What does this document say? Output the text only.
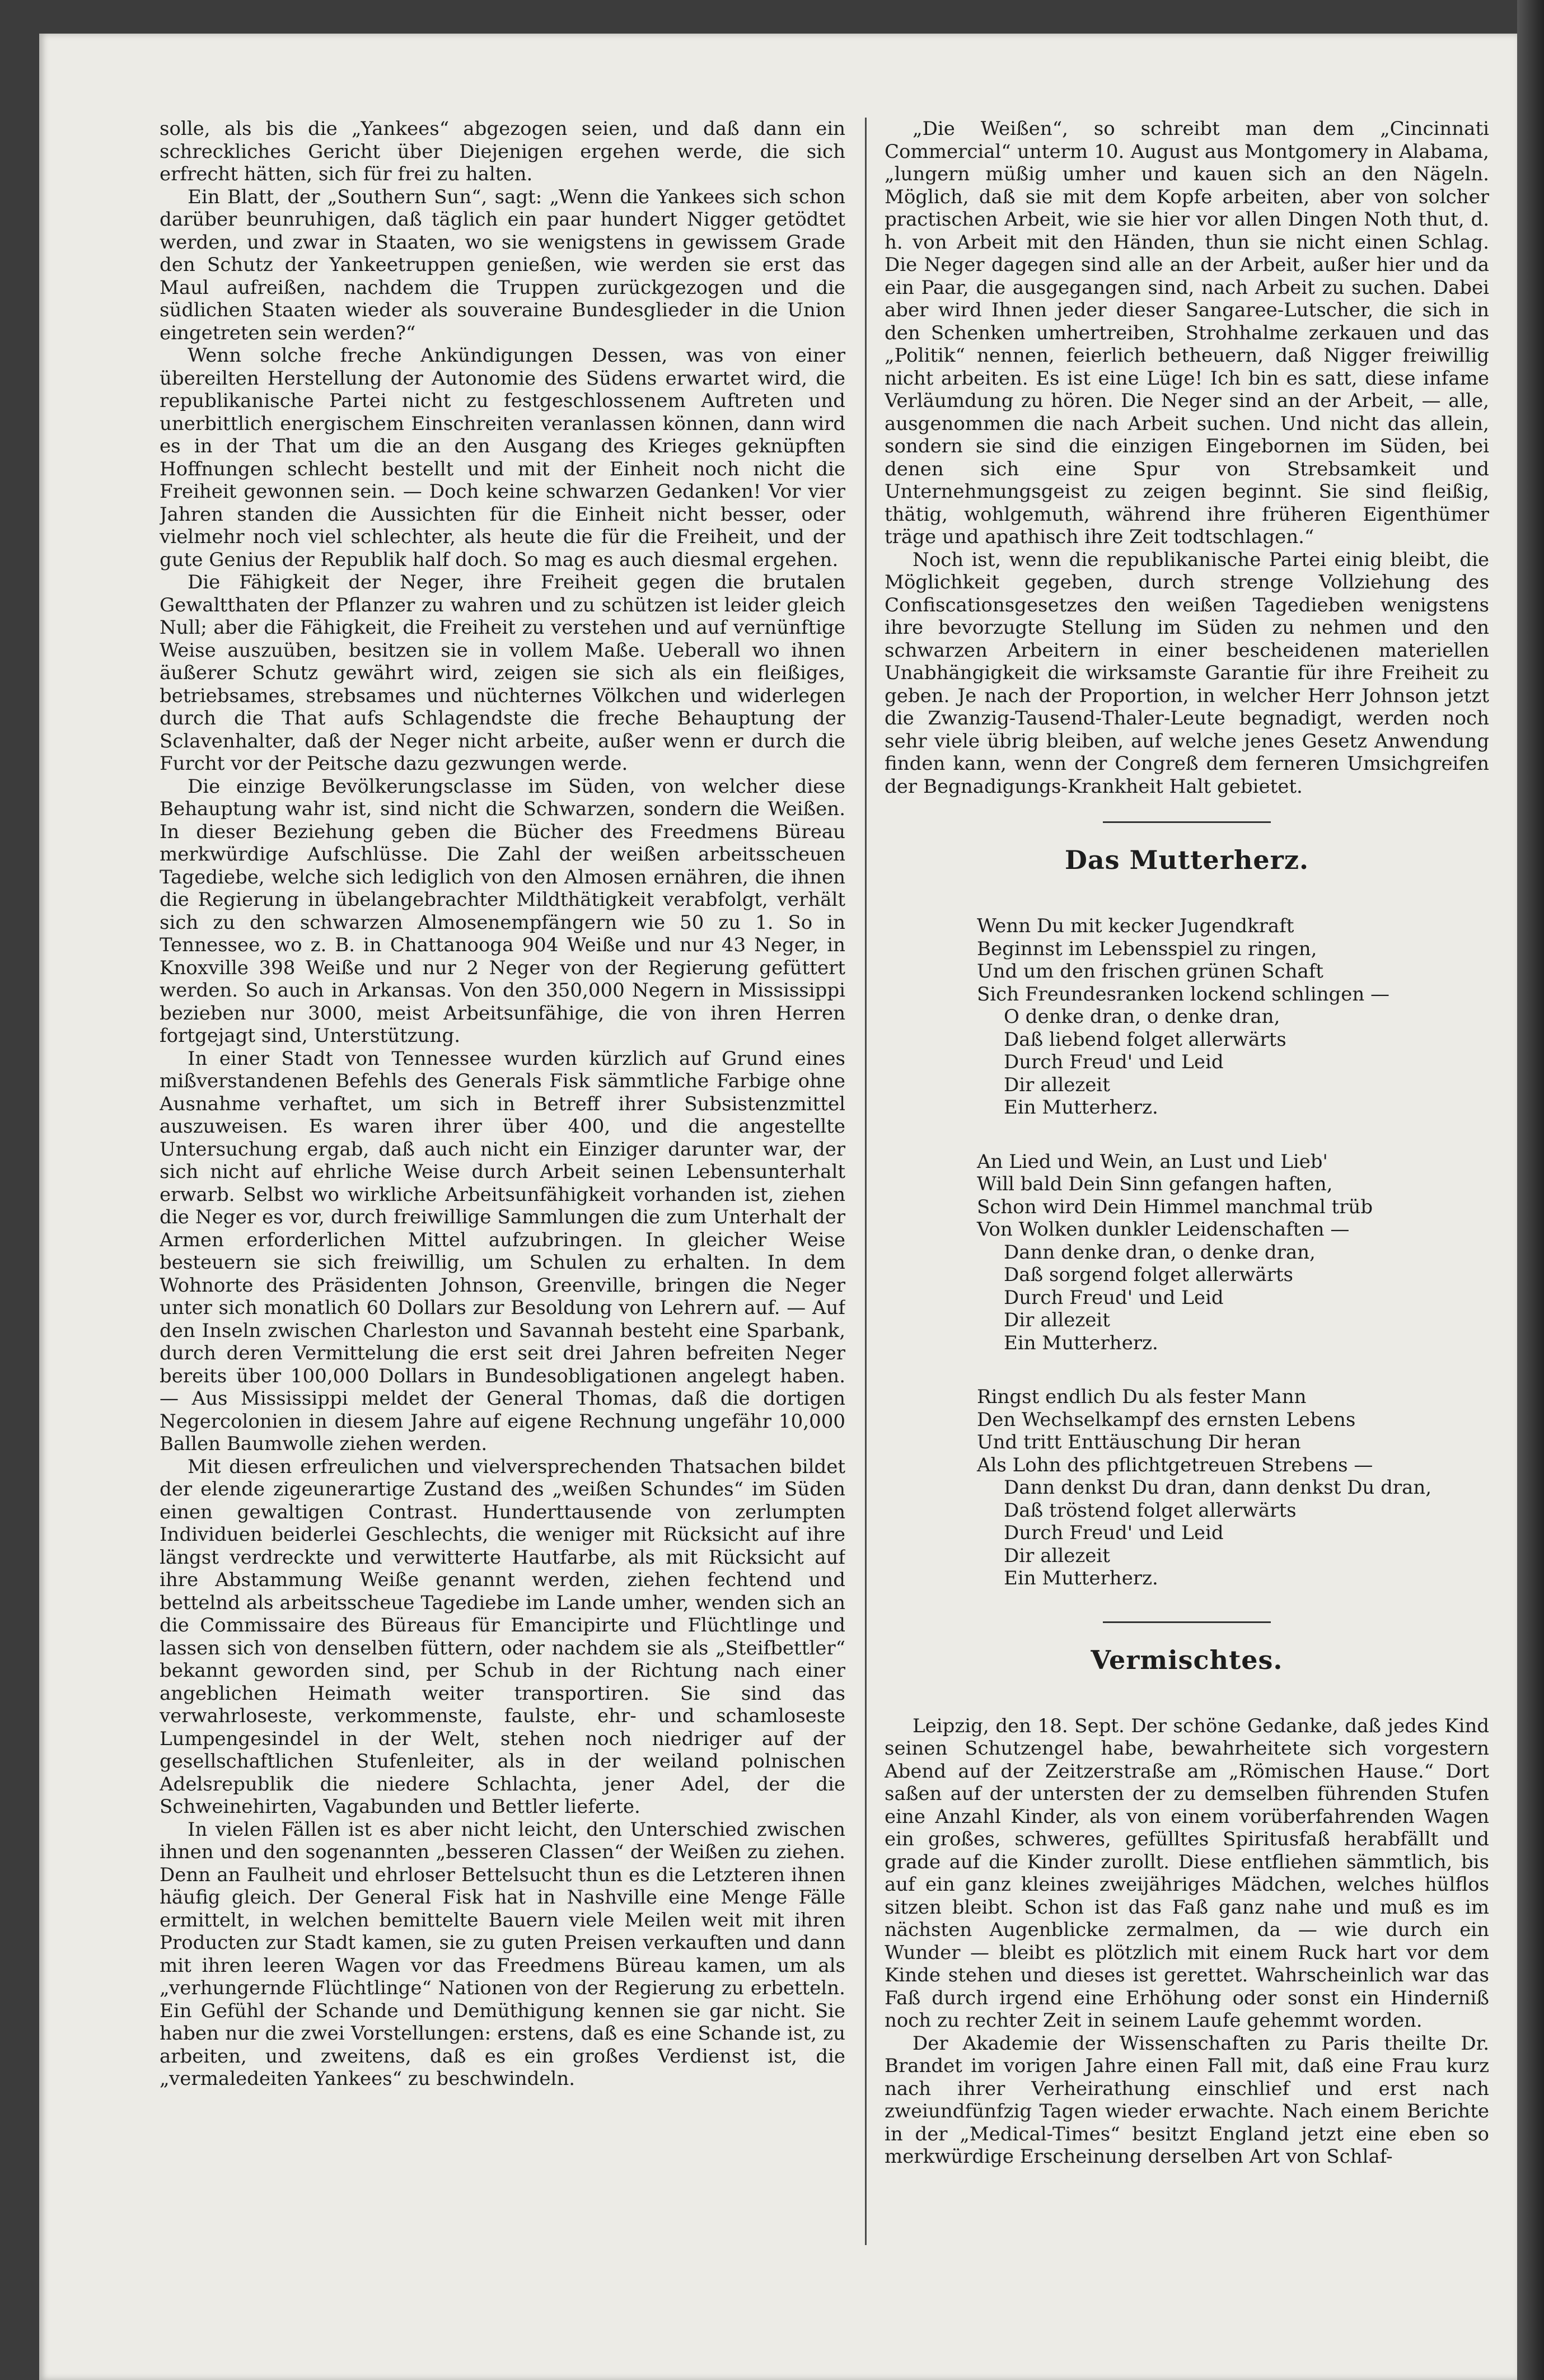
solle, als bis die „Yankees“ abgezogen seien, und daß dann ein schreckliches Gericht über Diejenigen ergehen werde, die sich erfrecht hätten, sich für frei zu halten.

Ein Blatt, der „Southern Sun“, sagt: „Wenn die Yankees sich schon darüber beunruhigen, daß täglich ein paar hundert Nigger getödtet werden, und zwar in Staaten, wo sie wenigstens in gewissem Grade den Schutz der Yankeetruppen genießen, wie werden sie erst das Maul aufreißen, nachdem die Truppen zurückgezogen und die südlichen Staaten wieder als souveraine Bundesglieder in die Union eingetreten sein werden?“

Wenn solche freche Ankündigungen Dessen, was von einer übereilten Herstellung der Autonomie des Südens erwartet wird, die republikanische Partei nicht zu festgeschlossenem Auftreten und unerbittlich energischem Einschreiten veranlassen können, dann wird es in der That um die an den Ausgang des Krieges geknüpften Hoffnungen schlecht bestellt und mit der Einheit noch nicht die Freiheit gewonnen sein. — Doch keine schwarzen Gedanken! Vor vier Jahren standen die Aussichten für die Einheit nicht besser, oder vielmehr noch viel schlechter, als heute die für die Freiheit, und der gute Genius der Republik half doch. So mag es auch diesmal ergehen.

Die Fähigkeit der Neger, ihre Freiheit gegen die brutalen Gewaltthaten der Pflanzer zu wahren und zu schützen ist leider gleich Null; aber die Fähigkeit, die Freiheit zu verstehen und auf vernünftige Weise auszuüben, besitzen sie in vollem Maße. Ueberall wo ihnen äußerer Schutz gewährt wird, zeigen sie sich als ein fleißiges, betriebsames, strebsames und nüchternes Völkchen und widerlegen durch die That aufs Schlagendste die freche Behauptung der Sclavenhalter, daß der Neger nicht arbeite, außer wenn er durch die Furcht vor der Peitsche dazu gezwungen werde.

Die einzige Bevölkerungsclasse im Süden, von welcher diese Behauptung wahr ist, sind nicht die Schwarzen, sondern die Weißen. In dieser Beziehung geben die Bücher des Freedmens Büreau merkwürdige Aufschlüsse. Die Zahl der weißen arbeitsscheuen Tagediebe, welche sich lediglich von den Almosen ernähren, die ihnen die Regierung in übelangebrachter Mildthätigkeit verabfolgt, verhält sich zu den schwarzen Almosenempfängern wie 50 zu 1. So in Tennessee, wo z. B. in Chattanooga 904 Weiße und nur 43 Neger, in Knoxville 398 Weiße und nur 2 Neger von der Regierung gefüttert werden. So auch in Arkansas. Von den 350,000 Negern in Mississippi bezieben nur 3000, meist Arbeitsunfähige, die von ihren Herren fortgejagt sind, Unterstützung.

In einer Stadt von Tennessee wurden kürzlich auf Grund eines mißverstandenen Befehls des Generals Fisk sämmtliche Farbige ohne Ausnahme verhaftet, um sich in Betreff ihrer Subsistenzmittel auszuweisen. Es waren ihrer über 400, und die angestellte Untersuchung ergab, daß auch nicht ein Einziger darunter war, der sich nicht auf ehrliche Weise durch Arbeit seinen Lebensunterhalt erwarb. Selbst wo wirkliche Arbeitsunfähigkeit vorhanden ist, ziehen die Neger es vor, durch freiwillige Sammlungen die zum Unterhalt der Armen erforderlichen Mittel aufzubringen. In gleicher Weise besteuern sie sich freiwillig, um Schulen zu erhalten. In dem Wohnorte des Präsidenten Johnson, Greenville, bringen die Neger unter sich monatlich 60 Dollars zur Besoldung von Lehrern auf. — Auf den Inseln zwischen Charleston und Savannah besteht eine Sparbank, durch deren Vermittelung die erst seit drei Jahren befreiten Neger bereits über 100,000 Dollars in Bundesobligationen angelegt haben. — Aus Mississippi meldet der General Thomas, daß die dortigen Negercolonien in diesem Jahre auf eigene Rechnung ungefähr 10,000 Ballen Baumwolle ziehen werden.

Mit diesen erfreulichen und vielversprechenden Thatsachen bildet der elende zigeunerartige Zustand des „weißen Schundes“ im Süden einen gewaltigen Contrast. Hunderttausende von zerlumpten Individuen beiderlei Geschlechts, die weniger mit Rücksicht auf ihre längst verdreckte und verwitterte Hautfarbe, als mit Rücksicht auf ihre Abstammung Weiße genannt werden, ziehen fechtend und bettelnd als arbeitsscheue Tagediebe im Lande umher, wenden sich an die Commissaire des Büreaus für Emancipirte und Flüchtlinge und lassen sich von denselben füttern, oder nachdem sie als „Steifbettler“ bekannt geworden sind, per Schub in der Richtung nach einer angeblichen Heimath weiter transportiren. Sie sind das verwahrloseste, verkommenste, faulste, ehr- und schamloseste Lumpengesindel in der Welt, stehen noch niedriger auf der gesellschaftlichen Stufenleiter, als in der weiland polnischen Adelsrepublik die niedere Schlachta, jener Adel, der die Schweinehirten, Vagabunden und Bettler lieferte.

In vielen Fällen ist es aber nicht leicht, den Unterschied zwischen ihnen und den sogenannten „besseren Classen“ der Weißen zu ziehen. Denn an Faulheit und ehrloser Bettelsucht thun es die Letzteren ihnen häufig gleich. Der General Fisk hat in Nashville eine Menge Fälle ermittelt, in welchen bemittelte Bauern viele Meilen weit mit ihren Producten zur Stadt kamen, sie zu guten Preisen verkauften und dann mit ihren leeren Wagen vor das Freedmens Büreau kamen, um als „verhungernde Flüchtlinge“ Nationen von der Regierung zu erbetteln. Ein Gefühl der Schande und Demüthigung kennen sie gar nicht. Sie haben nur die zwei Vorstellungen: erstens, daß es eine Schande ist, zu arbeiten, und zweitens, daß es ein großes Verdienst ist, die „vermaledeiten Yankees“ zu beschwindeln.

„Die Weißen“, so schreibt man dem „Cincinnati Commercial“ unterm 10. August aus Montgomery in Alabama, „lungern müßig umher und kauen sich an den Nägeln. Möglich, daß sie mit dem Kopfe arbeiten, aber von solcher practischen Arbeit, wie sie hier vor allen Dingen Noth thut, d. h. von Arbeit mit den Händen, thun sie nicht einen Schlag. Die Neger dagegen sind alle an der Arbeit, außer hier und da ein Paar, die ausgegangen sind, nach Arbeit zu suchen. Dabei aber wird Ihnen jeder dieser Sangaree-Lutscher, die sich in den Schenken umhertreiben, Strohhalme zerkauen und das „Politik“ nennen, feierlich betheuern, daß Nigger freiwillig nicht arbeiten. Es ist eine Lüge! Ich bin es satt, diese infame Verläumdung zu hören. Die Neger sind an der Arbeit, — alle, ausgenommen die nach Arbeit suchen. Und nicht das allein, sondern sie sind die einzigen Eingebornen im Süden, bei denen sich eine Spur von Strebsamkeit und Unternehmungsgeist zu zeigen beginnt. Sie sind fleißig, thätig, wohlgemuth, während ihre früheren Eigenthümer träge und apathisch ihre Zeit todtschlagen.“

Noch ist, wenn die republikanische Partei einig bleibt, die Möglichkeit gegeben, durch strenge Vollziehung des Confiscationsgesetzes den weißen Tagedieben wenigstens ihre bevorzugte Stellung im Süden zu nehmen und den schwarzen Arbeitern in einer bescheidenen materiellen Unabhängigkeit die wirksamste Garantie für ihre Freiheit zu geben. Je nach der Proportion, in welcher Herr Johnson jetzt die Zwanzig-Tausend-Thaler-Leute begnadigt, werden noch sehr viele übrig bleiben, auf welche jenes Gesetz Anwendung finden kann, wenn der Congreß dem ferneren Umsichgreifen der Begnadigungs-Krankheit Halt gebietet.

Das Mutterherz.
Wenn Du mit kecker Jugendkraft
Beginnst im Lebensspiel zu ringen,
Und um den frischen grünen Schaft
Sich Freundesranken lockend schlingen —
O denke dran, o denke dran,
Daß liebend folget allerwärts
Durch Freud' und Leid
Dir allezeit
Ein Mutterherz.
An Lied und Wein, an Lust und Lieb'
Will bald Dein Sinn gefangen haften,
Schon wird Dein Himmel manchmal trüb
Von Wolken dunkler Leidenschaften —
Dann denke dran, o denke dran,
Daß sorgend folget allerwärts
Durch Freud' und Leid
Dir allezeit
Ein Mutterherz.
Ringst endlich Du als fester Mann
Den Wechselkampf des ernsten Lebens
Und tritt Enttäuschung Dir heran
Als Lohn des pflichtgetreuen Strebens —
Dann denkst Du dran, dann denkst Du dran,
Daß tröstend folget allerwärts
Durch Freud' und Leid
Dir allezeit
Ein Mutterherz.
Vermischtes.

Leipzig, den 18. Sept. Der schöne Gedanke, daß jedes Kind seinen Schutzengel habe, bewahrheitete sich vorgestern Abend auf der Zeitzerstraße am „Römischen Hause.“ Dort saßen auf der untersten der zu demselben führenden Stufen eine Anzahl Kinder, als von einem vorüberfahrenden Wagen ein großes, schweres, gefülltes Spiritusfaß herabfällt und grade auf die Kinder zurollt. Diese entfliehen sämmtlich, bis auf ein ganz kleines zweijähriges Mädchen, welches hülflos sitzen bleibt. Schon ist das Faß ganz nahe und muß es im nächsten Augenblicke zermalmen, da — wie durch ein Wunder — bleibt es plötzlich mit einem Ruck hart vor dem Kinde stehen und dieses ist gerettet. Wahrscheinlich war das Faß durch irgend eine Erhöhung oder sonst ein Hinderniß noch zu rechter Zeit in seinem Laufe gehemmt worden.

Der Akademie der Wissenschaften zu Paris theilte Dr. Brandet im vorigen Jahre einen Fall mit, daß eine Frau kurz nach ihrer Verheirathung einschlief und erst nach zweiundfünfzig Tagen wieder erwachte. Nach einem Berichte in der „Medical-Times“ besitzt England jetzt eine eben so merkwürdige Erscheinung derselben Art von Schlaf-
